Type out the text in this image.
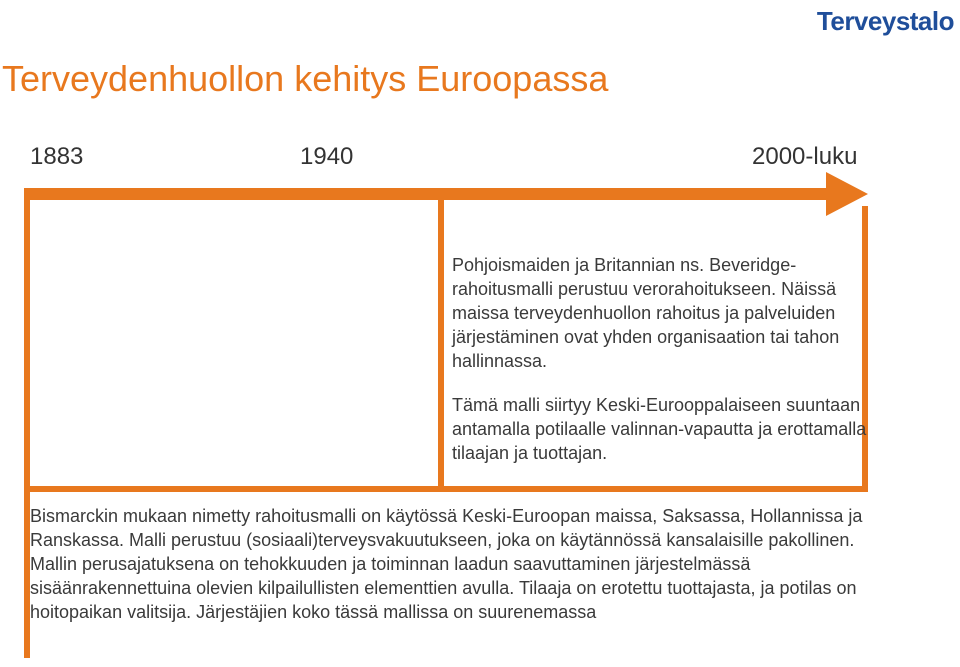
Terveystalo
Terveydenhuollon kehitys Euroopassa
1883	1940	2000-luku

Pohjoismaiden ja Britannian ns. Beveridge-rahoitusmalli perustuu verorahoitukseen. Näissä maissa terveydenhuollon rahoitus ja palveluiden järjestäminen ovat yhden organisaation tai tahon hallinnassa.

Tämä malli siirtyy Keski-Eurooppalaiseen suuntaan antamalla potilaalle valinnan-vapautta ja erottamalla tilaajan ja tuottajan.

Bismarckin mukaan nimetty rahoitusmalli on käytössä Keski-Euroopan maissa, Saksassa, Hollannissa ja Ranskassa. Malli perustuu (sosiaali)terveysvakuutukseen, joka on käytännössä kansalaisille pakollinen.

Mallin perusajatuksena on tehokkuuden ja toiminnan laadun saavuttaminen järjestelmässä sisäänrakennettuina olevien kilpailullisten elementtien avulla. Tilaaja on erotettu tuottajasta, ja potilas on hoitopaikan valitsija. Järjestäjien koko tässä mallissa on suurenemassa
